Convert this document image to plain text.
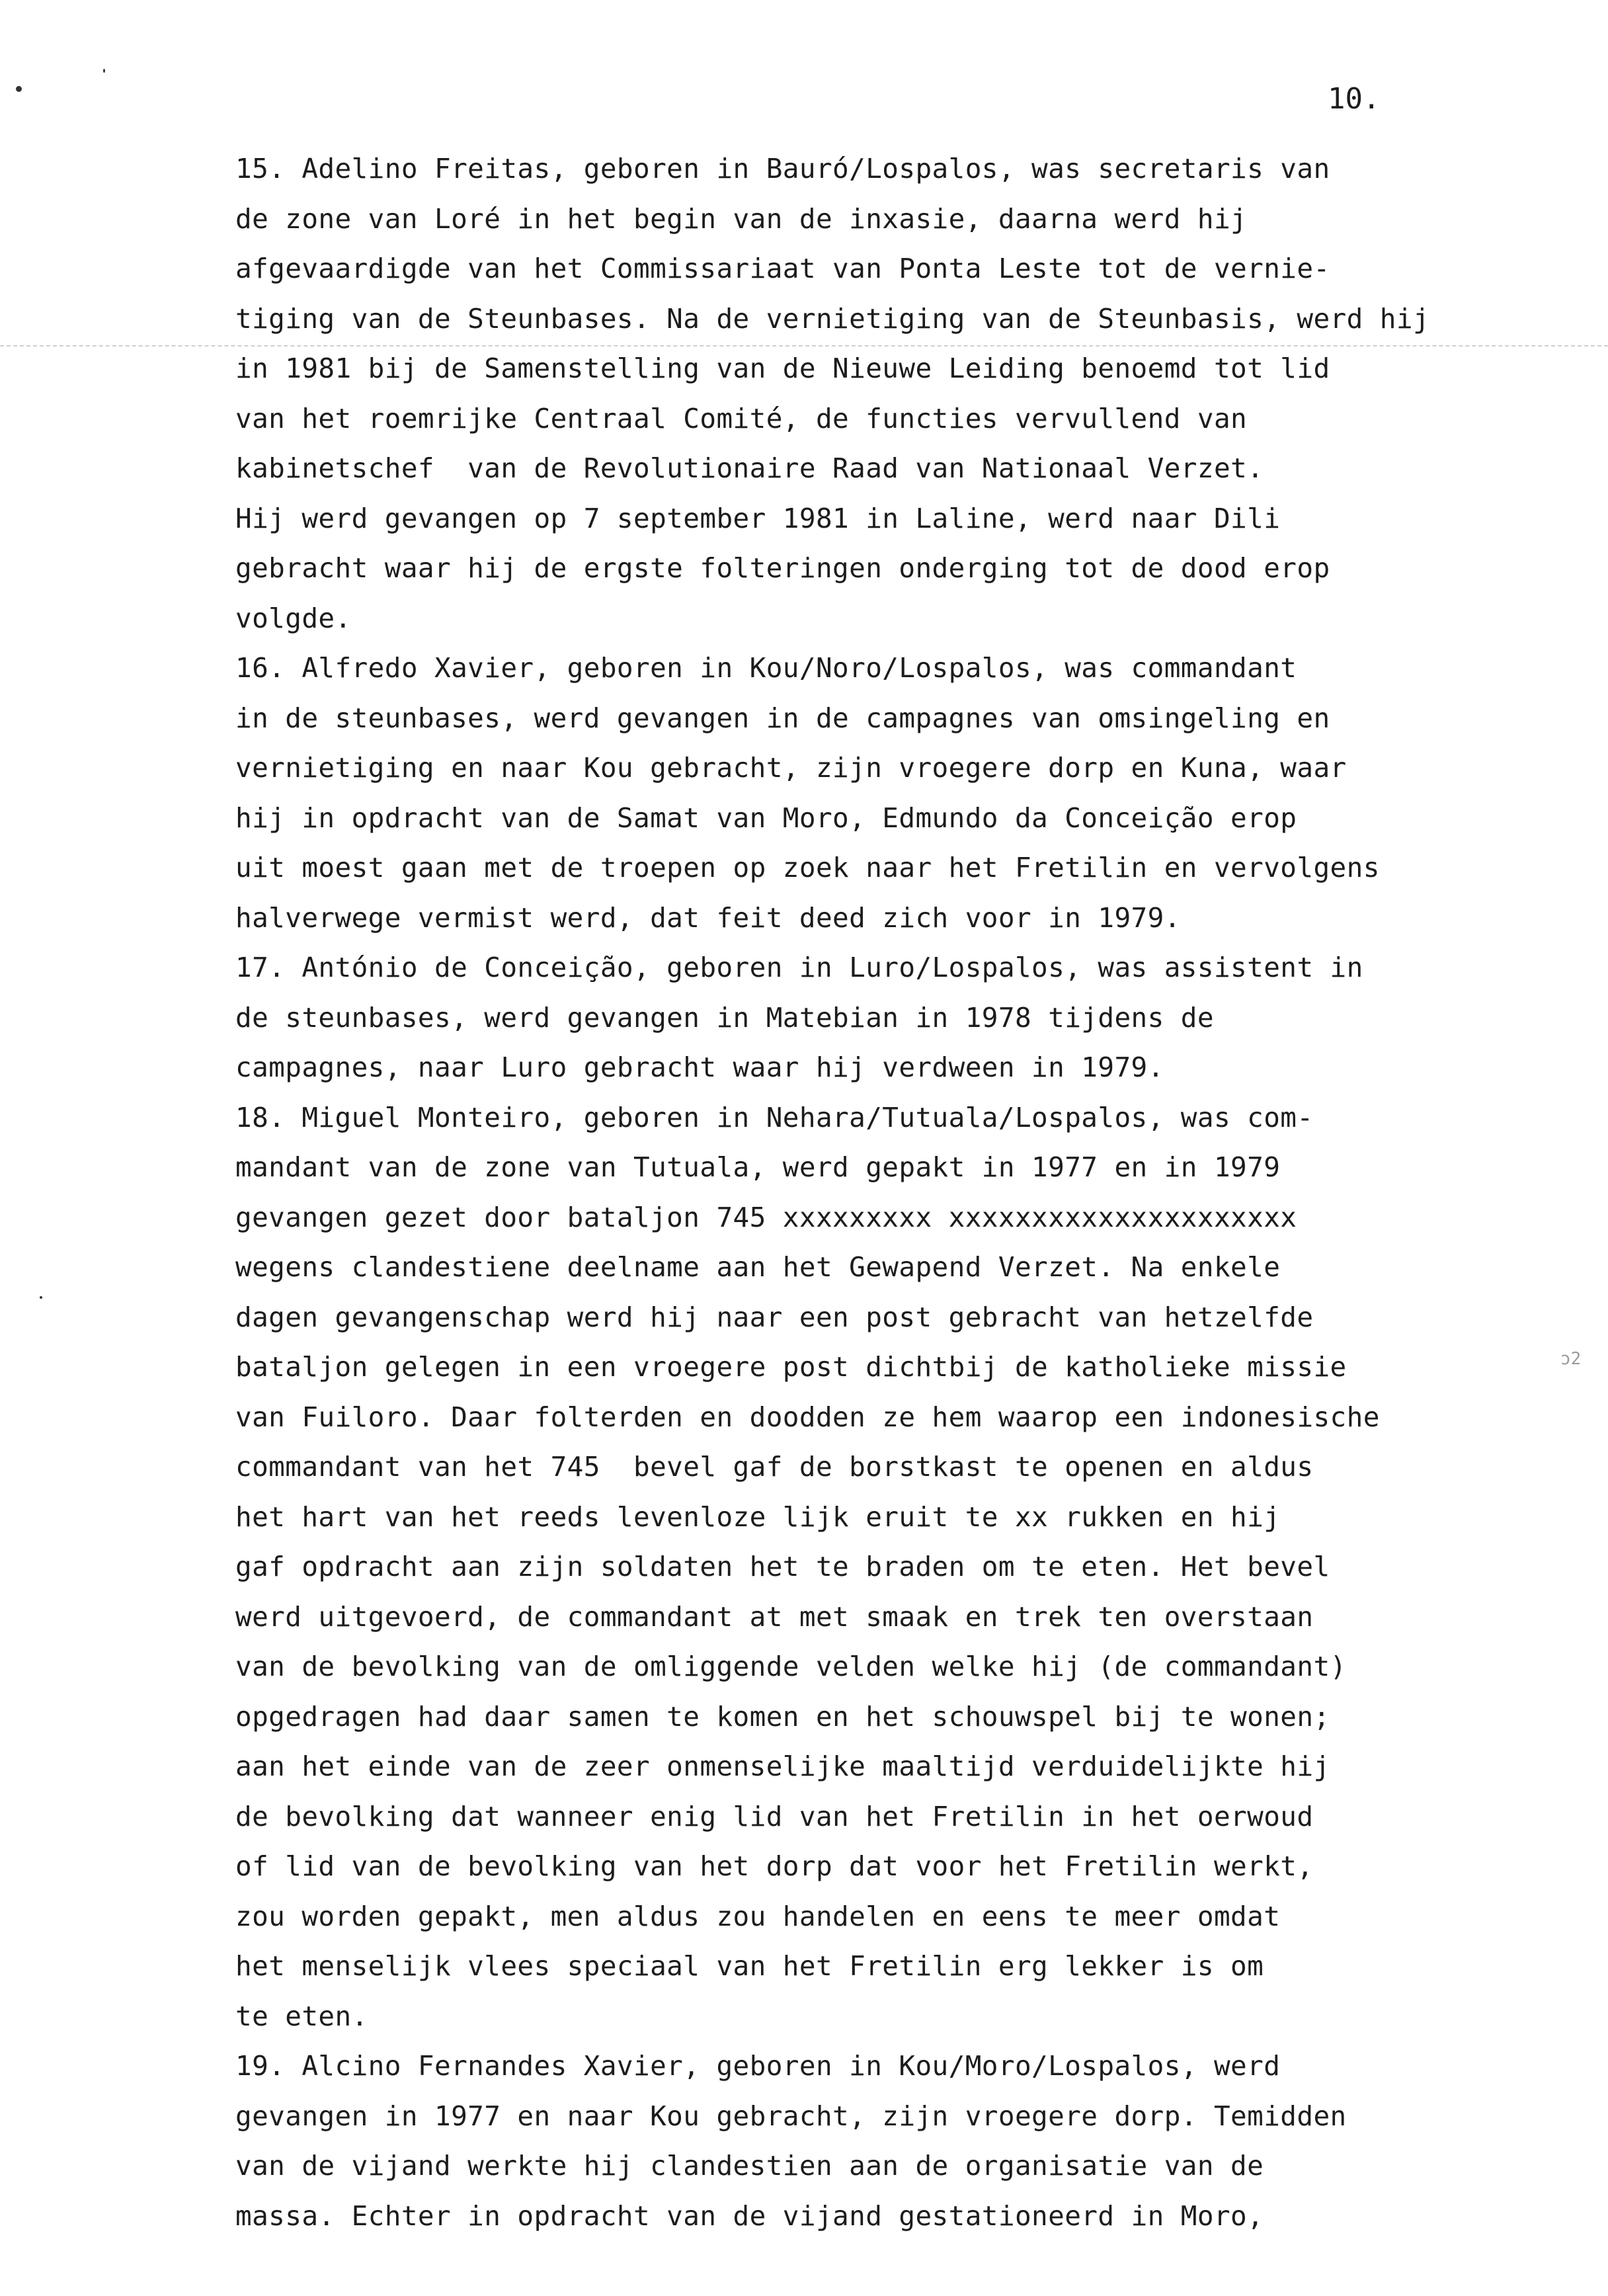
10.
15. Adelino Freitas, geboren in Bauró/Lospalos, was secretaris van
de zone van Loré in het begin van de inxasie, daarna werd hij
afgevaardigde van het Commissariaat van Ponta Leste tot de vernie-
tiging van de Steunbases. Na de vernietiging van de Steunbasis, werd hij
in 1981 bij de Samenstelling van de Nieuwe Leiding benoemd tot lid
van het roemrijke Centraal Comité, de functies vervullend van
kabinetschef  van de Revolutionaire Raad van Nationaal Verzet.
Hij werd gevangen op 7 september 1981 in Laline, werd naar Dili
gebracht waar hij de ergste folteringen onderging tot de dood erop
volgde.
16. Alfredo Xavier, geboren in Kou/Noro/Lospalos, was commandant
in de steunbases, werd gevangen in de campagnes van omsingeling en
vernietiging en naar Kou gebracht, zijn vroegere dorp en Kuna, waar
hij in opdracht van de Samat van Moro, Edmundo da Conceição erop
uit moest gaan met de troepen op zoek naar het Fretilin en vervolgens
halverwege vermist werd, dat feit deed zich voor in 1979.
17. António de Conceição, geboren in Luro/Lospalos, was assistent in
de steunbases, werd gevangen in Matebian in 1978 tijdens de
campagnes, naar Luro gebracht waar hij verdween in 1979.
18. Miguel Monteiro, geboren in Nehara/Tutuala/Lospalos, was com-
mandant van de zone van Tutuala, werd gepakt in 1977 en in 1979
gevangen gezet door bataljon 745 xxxxxxxxx xxxxxxxxxxxxxxxxxxxxx
wegens clandestiene deelname aan het Gewapend Verzet. Na enkele
dagen gevangenschap werd hij naar een post gebracht van hetzelfde
bataljon gelegen in een vroegere post dichtbij de katholieke missie
van Fuiloro. Daar folterden en doodden ze hem waarop een indonesische
commandant van het 745  bevel gaf de borstkast te openen en aldus
het hart van het reeds levenloze lijk eruit te xx rukken en hij
gaf opdracht aan zijn soldaten het te braden om te eten. Het bevel
werd uitgevoerd, de commandant at met smaak en trek ten overstaan
van de bevolking van de omliggende velden welke hij (de commandant)
opgedragen had daar samen te komen en het schouwspel bij te wonen;
aan het einde van de zeer onmenselijke maaltijd verduidelijkte hij
de bevolking dat wanneer enig lid van het Fretilin in het oerwoud
of lid van de bevolking van het dorp dat voor het Fretilin werkt,
zou worden gepakt, men aldus zou handelen en eens te meer omdat
het menselijk vlees speciaal van het Fretilin erg lekker is om
te eten.
19. Alcino Fernandes Xavier, geboren in Kou/Moro/Lospalos, werd
gevangen in 1977 en naar Kou gebracht, zijn vroegere dorp. Temidden
van de vijand werkte hij clandestien aan de organisatie van de
massa. Echter in opdracht van de vijand gestationeerd in Moro,
ͻ2
